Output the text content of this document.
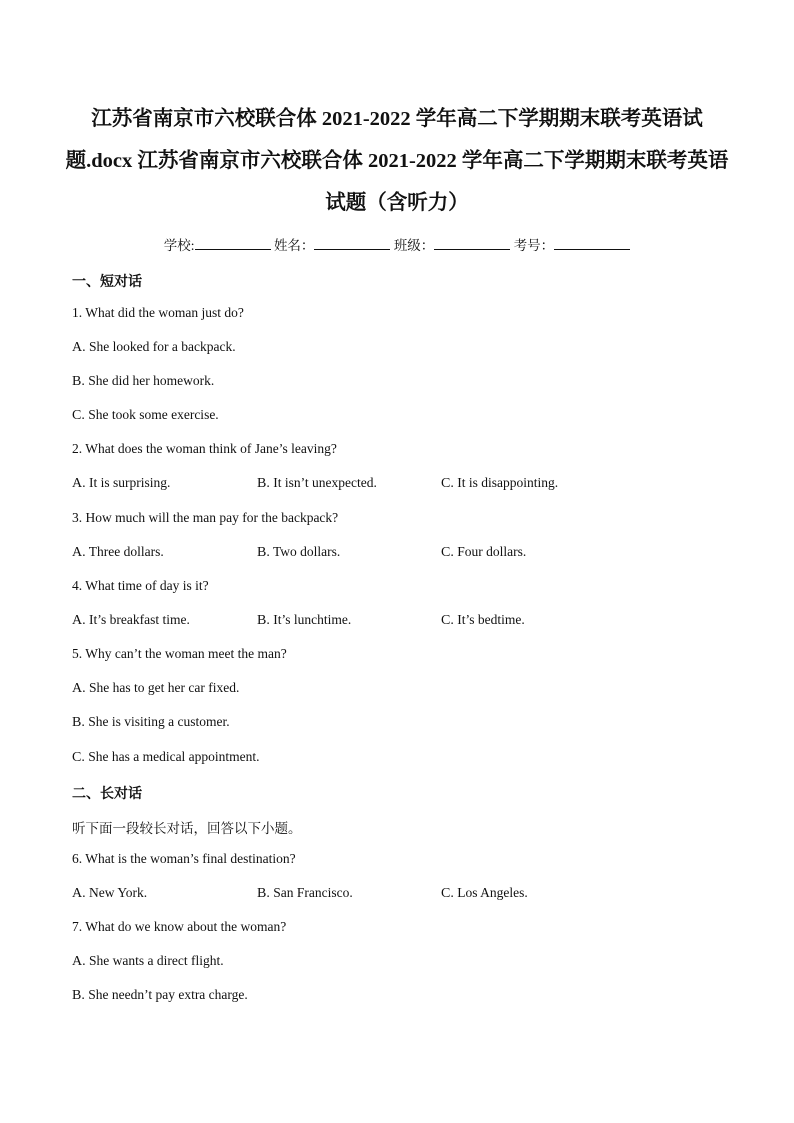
江苏省南京市六校联合体 2021-2022 学年高二下学期期末联考英语试
题.docx 江苏省南京市六校联合体 2021-2022 学年高二下学期期末联考英语
试题（含听力）
学校:	姓名：	班级：	考号：
一、短对话
1. What did the woman just do?
A. She looked for a backpack.
B. She did her homework.
C. She took some exercise.
2. What does the woman think of Jane’s leaving?
A. It is surprising.	B. It isn’t unexpected.	C. It is disappointing.
3. How much will the man pay for the backpack?
A. Three dollars.	B. Two dollars.	C. Four dollars.
4. What time of day is it?
A. It’s breakfast time.	B. It’s lunchtime.	C. It’s bedtime.
5. Why can’t the woman meet the man?
A. She has to get her car fixed.
B. She is visiting a customer.
C. She has a medical appointment.
二、长对话
听下面一段较长对话，回答以下小题。
6. What is the woman’s final destination?
A. New York.	B. San Francisco.	C. Los Angeles.
7. What do we know about the woman?
A. She wants a direct flight.
B. She needn’t pay extra charge.
